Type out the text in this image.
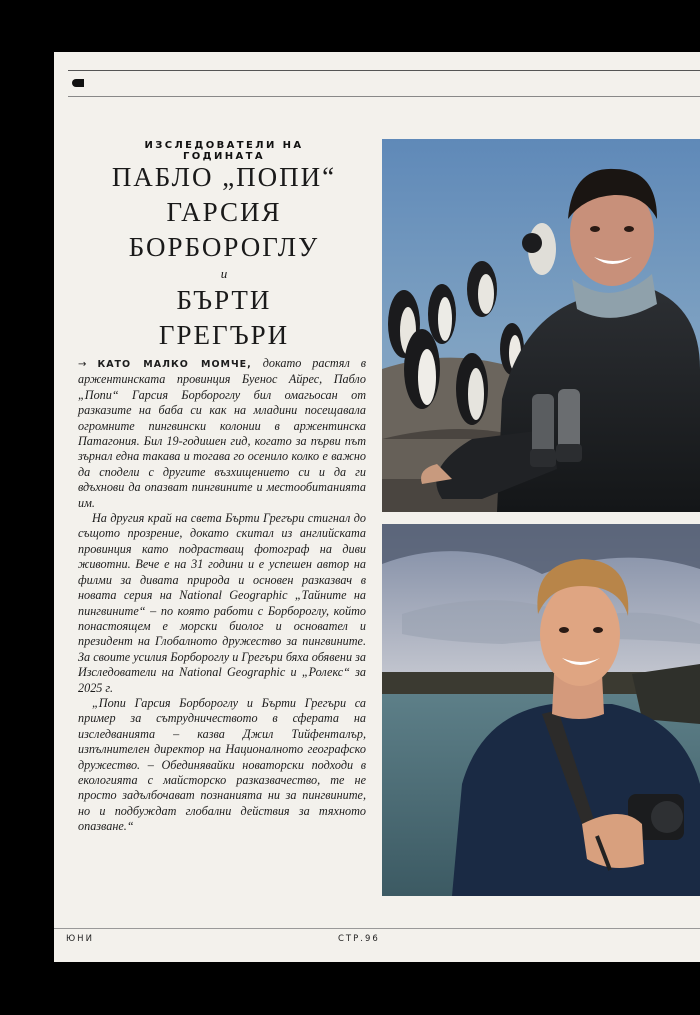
ИЗСЛЕДОВАТЕЛИ НА ГОДИНАТА
ПАБЛО „ПОПИ“
ГАРСИЯ
БОРБОРОГЛУ
и
БЪРТИ
ГРЕГЪРИ

→ КАТО МАЛКО МОМЧЕ, докато растял в аржентинската провинция Буенос Айрес, Пабло „Попи“ Гарсия Борбороглу бил омагьосан от разказите на баба си как на младини посещавала огромните пингвински колонии в аржентинска Патагония. Бил 19-годишен гид, когато за първи път зърнал една такава и тогава го осенило колко е важно да сподели с другите възхищението си и да ги вдъхнови да опазват пингвините и местообитанията им.

На другия край на света Бърти Грегъри стигнал до същото прозрение, докато скитал из английската провинция като подрастващ фотограф на диви животни. Вече е на 31 години и е успешен автор на филми за дивата природа и основен разказвач в новата серия на National Geographic „Тайните на пингвините“ – по която работи с Борбороглу, който понастоящем е морски биолог и основател и президент на Глобалното дружество за пингвините. За своите усилия Борбороглу и Грегъри бяха обявени за Изследователи на National Geographic и „Ролекс“ за 2025 г.

„Попи Гарсия Борбороглу и Бърти Грегъри са пример за сътрудничеството в сферата на изследванията – казва Джил Тийфенталър, изпълнителен директор на Националното географско дружество. – Обединявайки новаторски подходи в екологията с майсторско разказвачество, те не просто задълбочават познанията ни за пингвините, но и подбуждат глобални действия за тяхното опазване.“

ЮНИ	СТР.96
